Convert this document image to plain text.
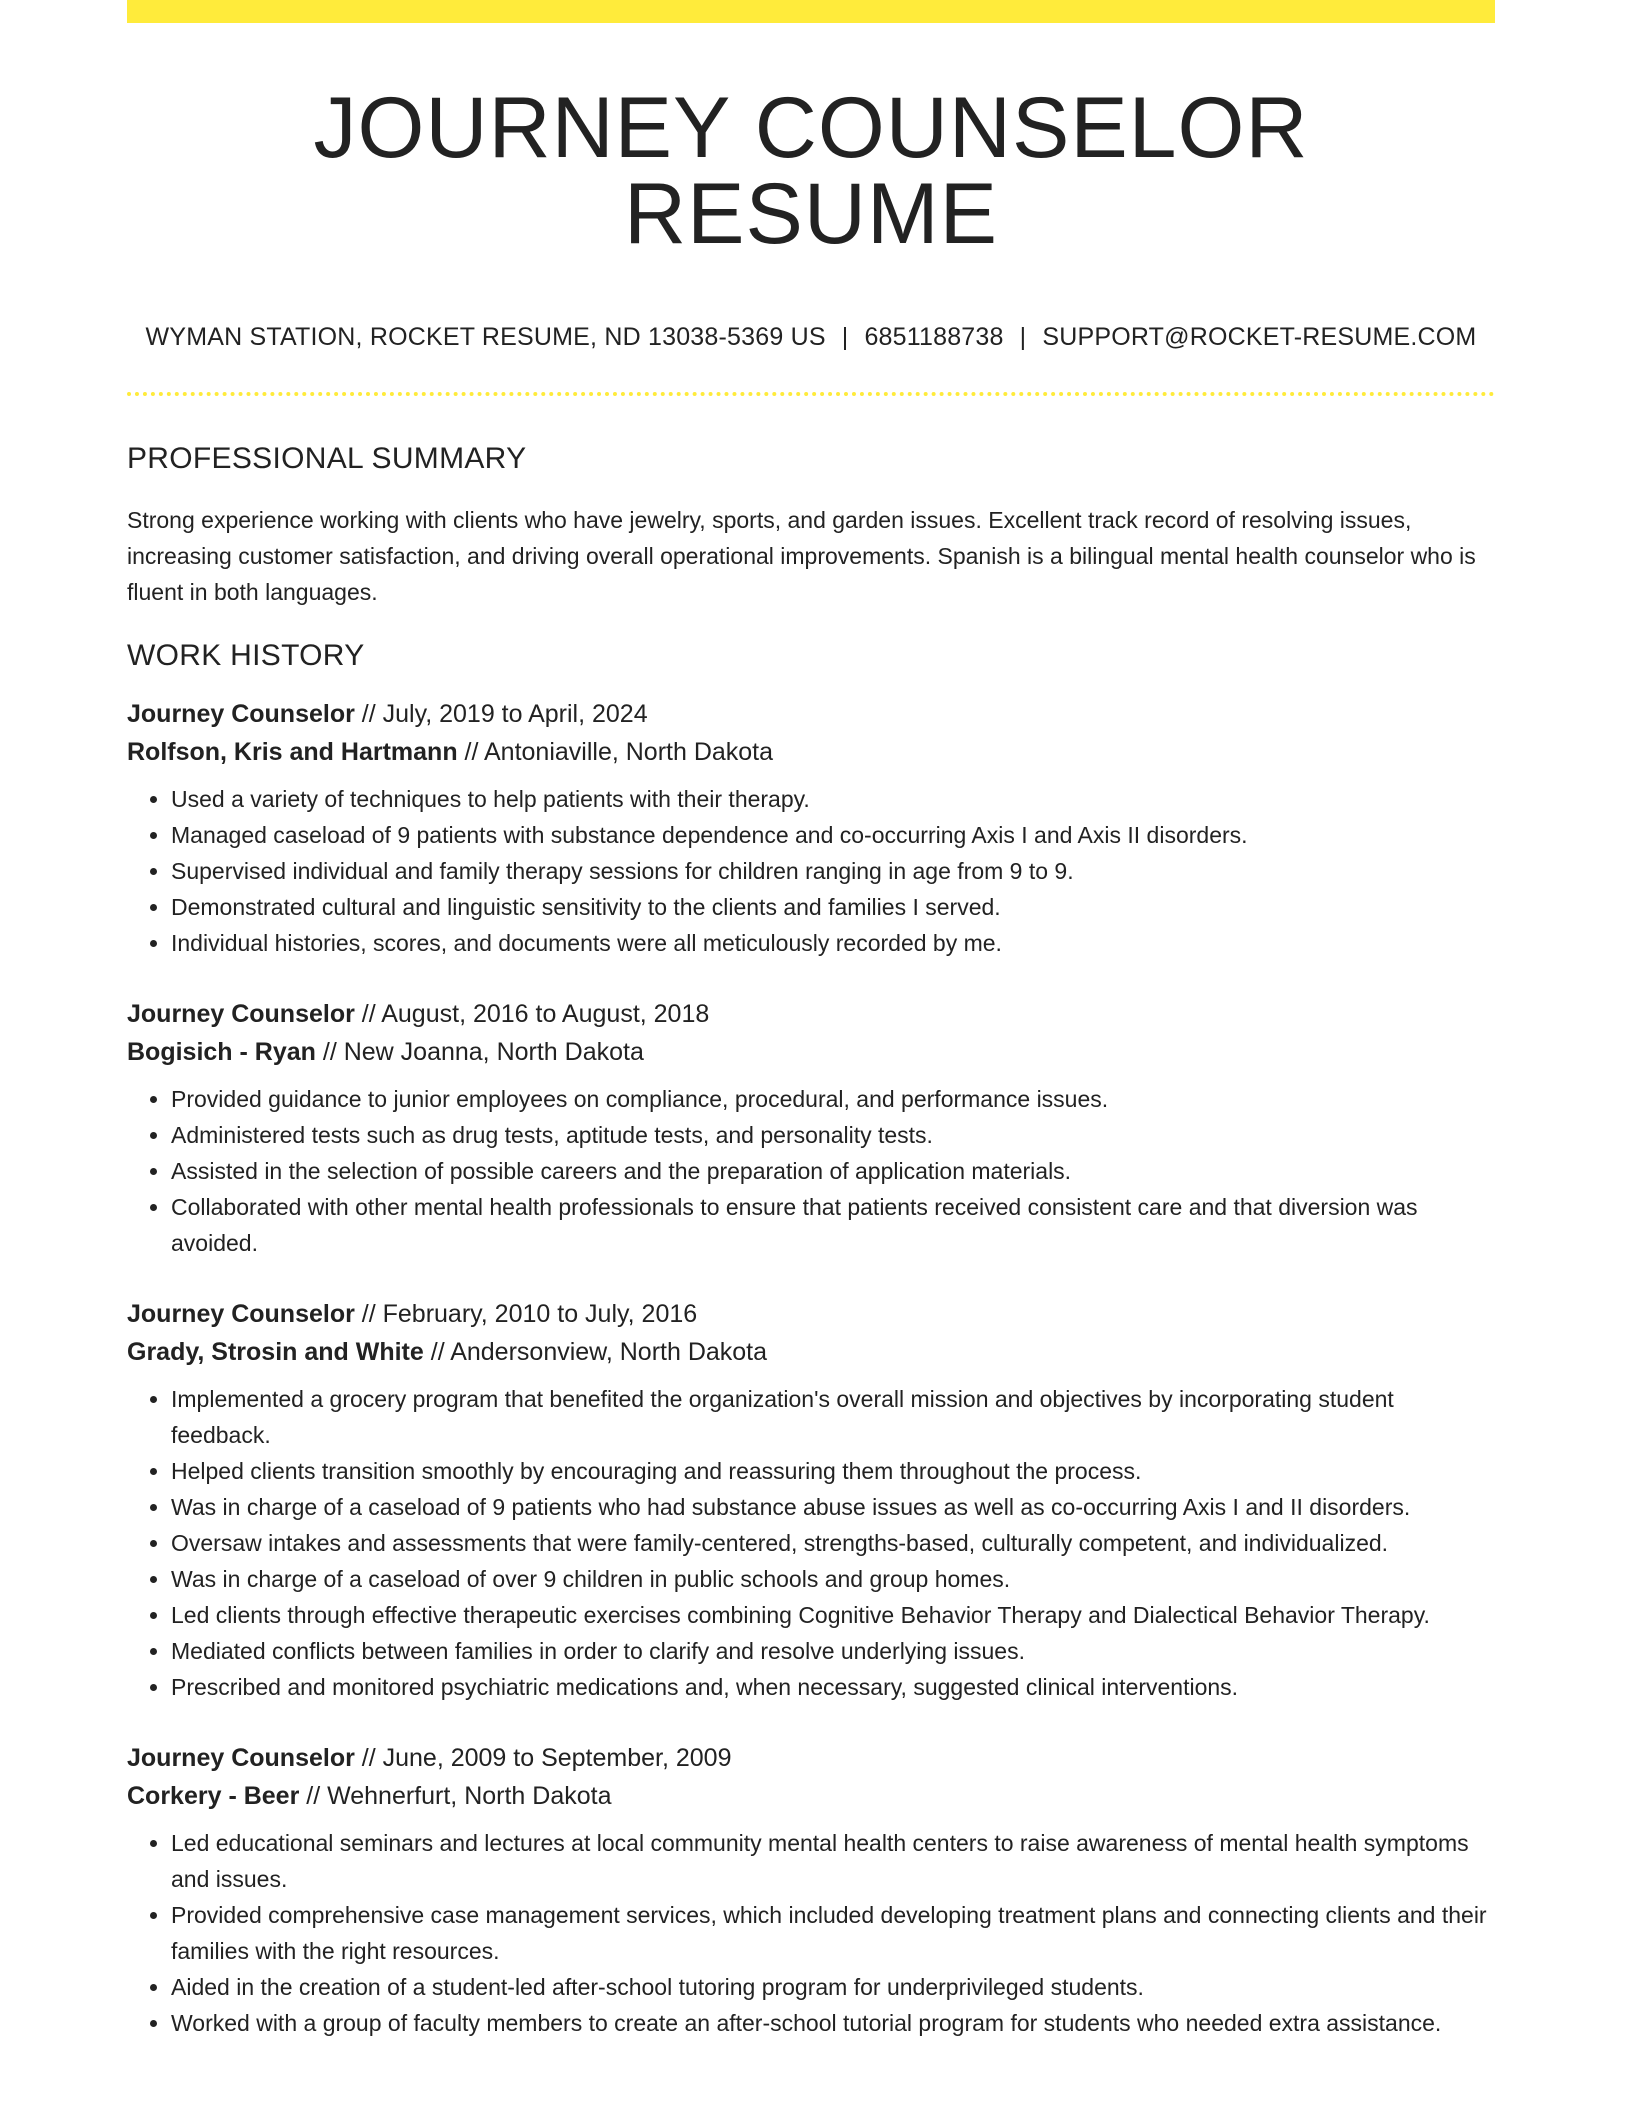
JOURNEY COUNSELOR RESUME
WYMAN STATION, ROCKET RESUME, ND 13038-5369 US | 6851188738 | SUPPORT@ROCKET-RESUME.COM
PROFESSIONAL SUMMARY
Strong experience working with clients who have jewelry, sports, and garden issues. Excellent track record of resolving issues, increasing customer satisfaction, and driving overall operational improvements. Spanish is a bilingual mental health counselor who is fluent in both languages.
WORK HISTORY
Journey Counselor // July, 2019 to April, 2024
Rolfson, Kris and Hartmann // Antoniaville, North Dakota
• Used a variety of techniques to help patients with their therapy.
• Managed caseload of 9 patients with substance dependence and co-occurring Axis I and Axis II disorders.
• Supervised individual and family therapy sessions for children ranging in age from 9 to 9.
• Demonstrated cultural and linguistic sensitivity to the clients and families I served.
• Individual histories, scores, and documents were all meticulously recorded by me.
Journey Counselor // August, 2016 to August, 2018
Bogisich - Ryan // New Joanna, North Dakota
• Provided guidance to junior employees on compliance, procedural, and performance issues.
• Administered tests such as drug tests, aptitude tests, and personality tests.
• Assisted in the selection of possible careers and the preparation of application materials.
• Collaborated with other mental health professionals to ensure that patients received consistent care and that diversion was avoided.
Journey Counselor // February, 2010 to July, 2016
Grady, Strosin and White // Andersonview, North Dakota
• Implemented a grocery program that benefited the organization's overall mission and objectives by incorporating student feedback.
• Helped clients transition smoothly by encouraging and reassuring them throughout the process.
• Was in charge of a caseload of 9 patients who had substance abuse issues as well as co-occurring Axis I and II disorders.
• Oversaw intakes and assessments that were family-centered, strengths-based, culturally competent, and individualized.
• Was in charge of a caseload of over 9 children in public schools and group homes.
• Led clients through effective therapeutic exercises combining Cognitive Behavior Therapy and Dialectical Behavior Therapy.
• Mediated conflicts between families in order to clarify and resolve underlying issues.
• Prescribed and monitored psychiatric medications and, when necessary, suggested clinical interventions.
Journey Counselor // June, 2009 to September, 2009
Corkery - Beer // Wehnerfurt, North Dakota
• Led educational seminars and lectures at local community mental health centers to raise awareness of mental health symptoms and issues.
• Provided comprehensive case management services, which included developing treatment plans and connecting clients and their families with the right resources.
• Aided in the creation of a student-led after-school tutoring program for underprivileged students.
• Worked with a group of faculty members to create an after-school tutorial program for students who needed extra assistance.
